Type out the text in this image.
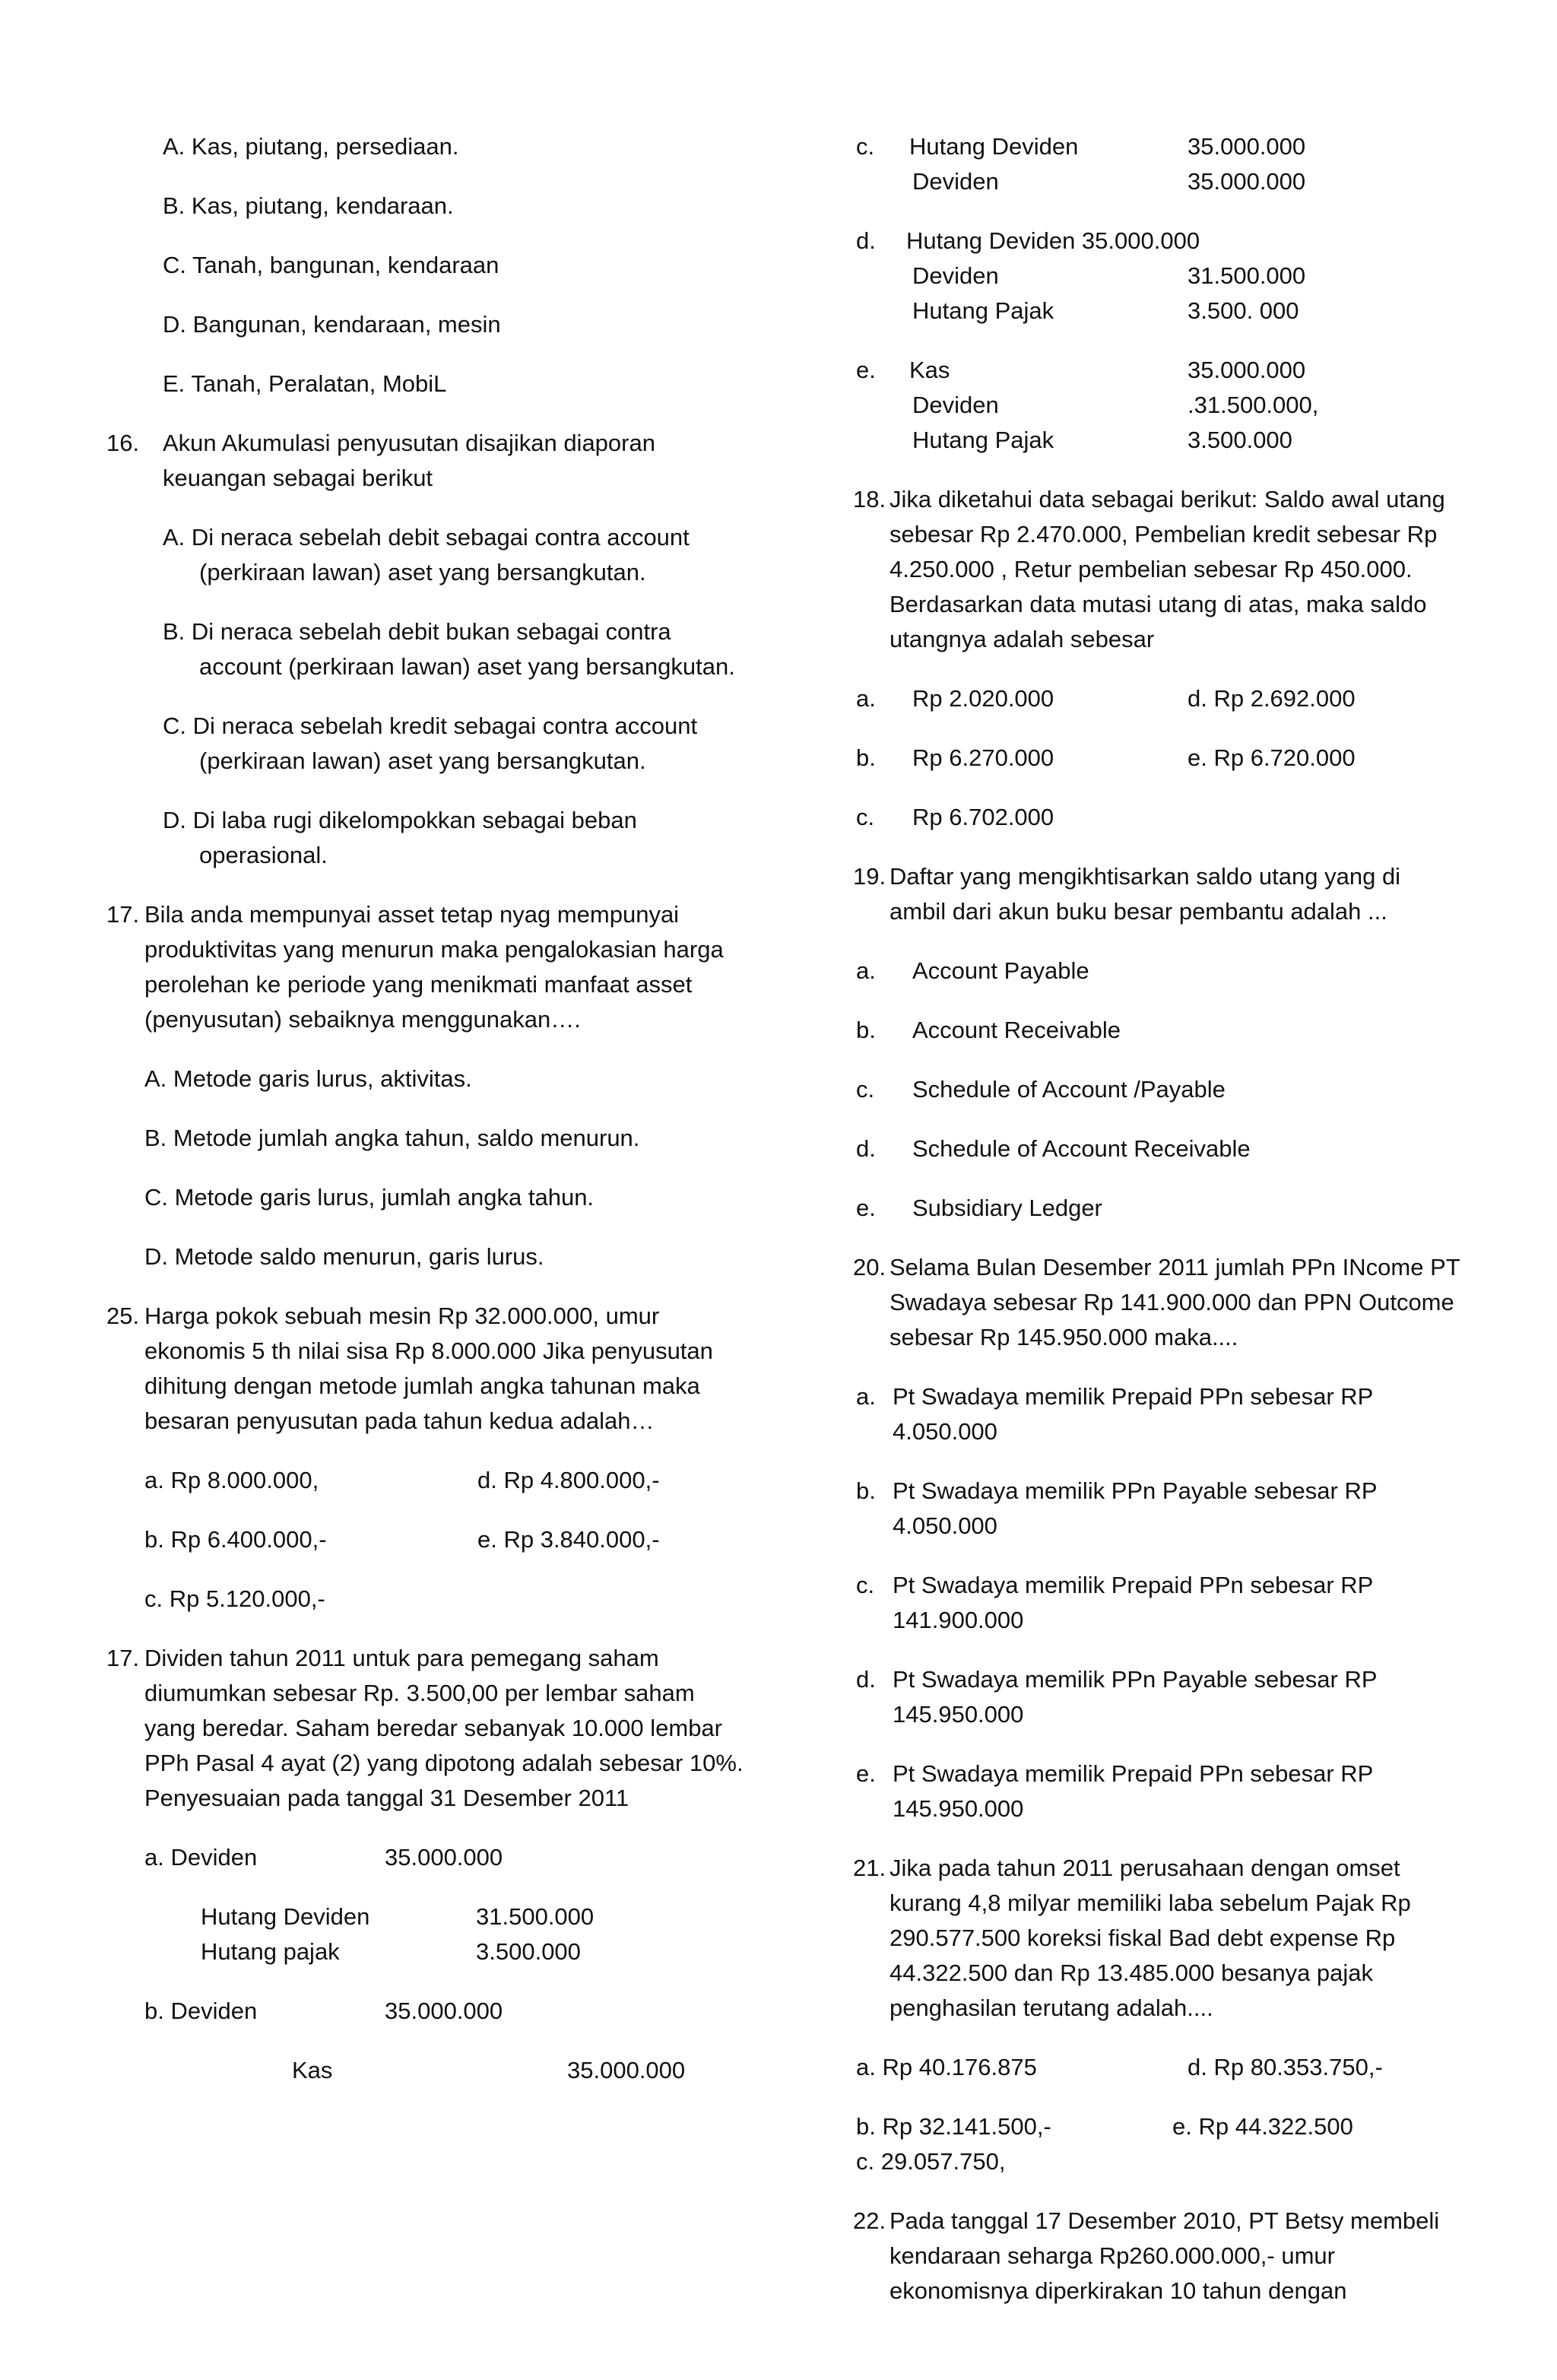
A. Kas, piutang, persediaan.

B. Kas, piutang, kendaraan.

C. Tanah, bangunan, kendaraan

D. Bangunan, kendaraan, mesin

E. Tanah, Peralatan, MobiL

16. Akun Akumulasi penyusutan disajikan diaporan keuangan sebagai berikut

A. Di neraca sebelah debit sebagai contra account (perkiraan lawan) aset yang bersangkutan.

B. Di neraca sebelah debit bukan sebagai contra account (perkiraan lawan) aset yang bersangkutan.

C. Di neraca sebelah kredit sebagai contra account (perkiraan lawan) aset yang bersangkutan.

D. Di laba rugi dikelompokkan sebagai beban operasional.

17. Bila anda mempunyai asset tetap nyag mempunyai produktivitas yang menurun maka pengalokasian harga perolehan ke periode yang menikmati manfaat asset (penyusutan) sebaiknya menggunakan….

A. Metode garis lurus, aktivitas.

B. Metode jumlah angka tahun, saldo menurun.

C. Metode garis lurus, jumlah angka tahun.

D. Metode saldo menurun, garis lurus.

25. Harga pokok sebuah mesin Rp 32.000.000, umur ekonomis 5 th nilai sisa Rp 8.000.000 Jika penyusutan dihitung dengan metode jumlah angka tahunan maka besaran penyusutan pada tahun kedua adalah…
a. Rp 8.000.000,	d. Rp 4.800.000,-
b. Rp 6.400.000,-	e. Rp 3.840.000,-

c. Rp 5.120.000,-

17. Dividen tahun 2011 untuk para pemegang saham diumumkan sebesar Rp. 3.500,00 per lembar saham yang beredar. Saham beredar sebanyak 10.000 lembar PPh Pasal 4 ayat (2) yang dipotong adalah sebesar 10%. Penyesuaian pada tanggal 31 Desember 2011
a. Deviden	35.000.000
Hutang Deviden	31.500.000
Hutang pajak	3.500.000
b. Deviden	35.000.000
Kas	35.000.000
c.	Hutang Deviden	35.000.000
Deviden	35.000.000
d.	Hutang Deviden 35.000.000
Deviden	31.500.000
Hutang Pajak	3.500. 000
e.	Kas	35.000.000
Deviden	.31.500.000,
Hutang Pajak	3.500.000
18. Jika diketahui data sebagai berikut: Saldo awal utang sebesar Rp 2.470.000, Pembelian kredit sebesar Rp 4.250.000 , Retur pembelian sebesar Rp 450.000. Berdasarkan data mutasi utang di atas, maka saldo utangnya adalah sebesar
a.	Rp 2.020.000	d. Rp 2.692.000
b.	Rp 6.270.000	e. Rp 6.720.000
c.	Rp 6.702.000
19. Daftar yang mengikhtisarkan saldo utang yang di ambil dari akun buku besar pembantu adalah ...
a.	Account Payable
b.	Account Receivable
c.	Schedule of Account /Payable
d.	Schedule of Account Receivable
e.	Subsidiary Ledger
20. Selama Bulan Desember 2011 jumlah PPn INcome PT Swadaya sebesar Rp 141.900.000 dan PPN Outcome sebesar Rp 145.950.000 maka....
a. Pt Swadaya memilik Prepaid PPn sebesar RP 4.050.000
b. Pt Swadaya memilik PPn Payable sebesar RP 4.050.000
c. Pt Swadaya memilik Prepaid PPn sebesar RP 141.900.000
d. Pt Swadaya memilik PPn Payable sebesar RP 145.950.000
e. Pt Swadaya memilik Prepaid PPn sebesar RP 145.950.000
21. Jika pada tahun 2011 perusahaan dengan omset kurang 4,8 milyar memiliki laba sebelum Pajak Rp 290.577.500 koreksi fiskal Bad debt expense Rp 44.322.500 dan Rp 13.485.000 besanya pajak penghasilan terutang adalah....
a. Rp 40.176.875	d. Rp 80.353.750,-
b. Rp 32.141.500,-	e. Rp 44.322.500

c. 29.057.750,

22. Pada tanggal 17 Desember 2010, PT Betsy membeli kendaraan seharga Rp260.000.000,- umur ekonomisnya diperkirakan 10 tahun dengan
